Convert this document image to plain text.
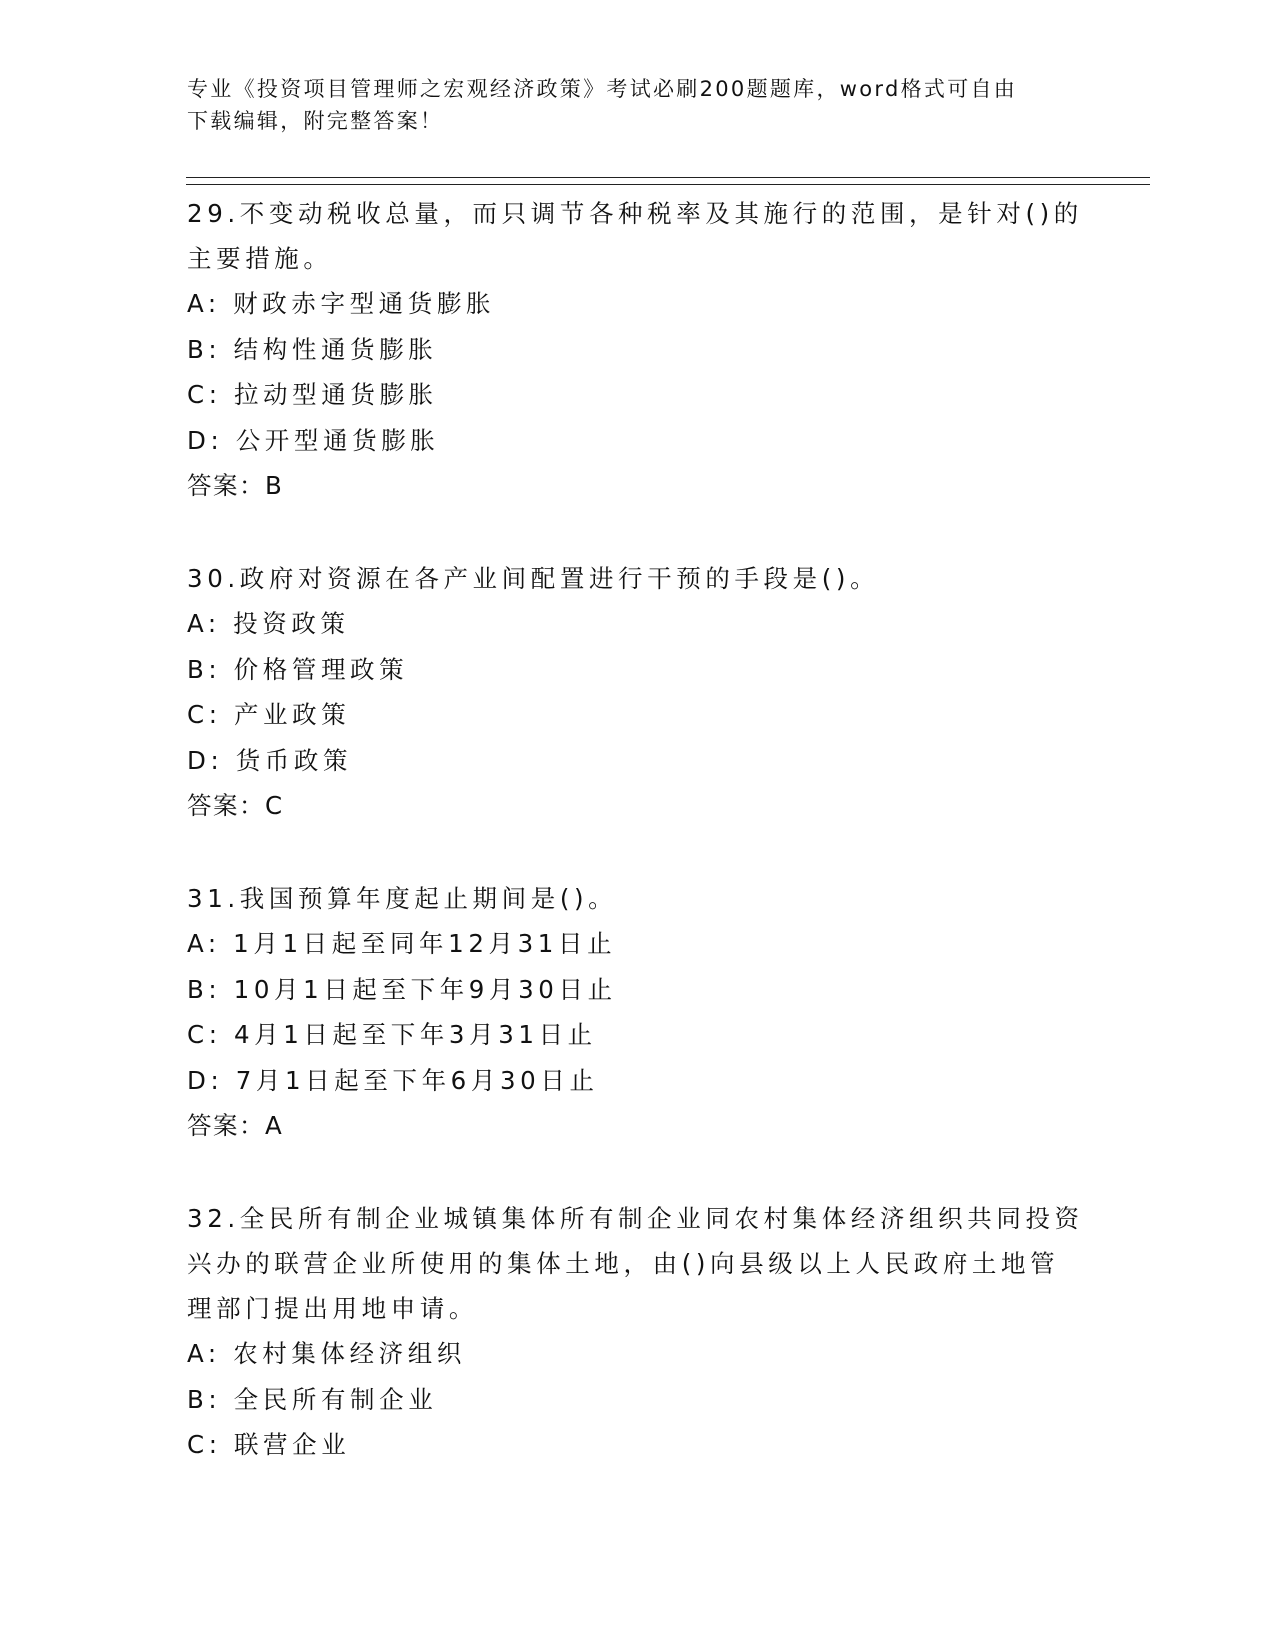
专业《投资项目管理师之宏观经济政策》考试必刷200题题库，word格式可自由
下载编辑，附完整答案！
29.不变动税收总量，而只调节各种税率及其施行的范围，是针对()的
主要措施。
A: 财政赤字型通货膨胀
B: 结构性通货膨胀
C: 拉动型通货膨胀
D: 公开型通货膨胀
答案：B
30.政府对资源在各产业间配置进行干预的手段是()。
A: 投资政策
B: 价格管理政策
C: 产业政策
D: 货币政策
答案：C
31.我国预算年度起止期间是()。
A: 1月1日起至同年12月31日止
B: 10月1日起至下年9月30日止
C: 4月1日起至下年3月31日止
D: 7月1日起至下年6月30日止
答案：A
32.全民所有制企业城镇集体所有制企业同农村集体经济组织共同投资
兴办的联营企业所使用的集体土地，由()向县级以上人民政府土地管
理部门提出用地申请。
A: 农村集体经济组织
B: 全民所有制企业
C: 联营企业
